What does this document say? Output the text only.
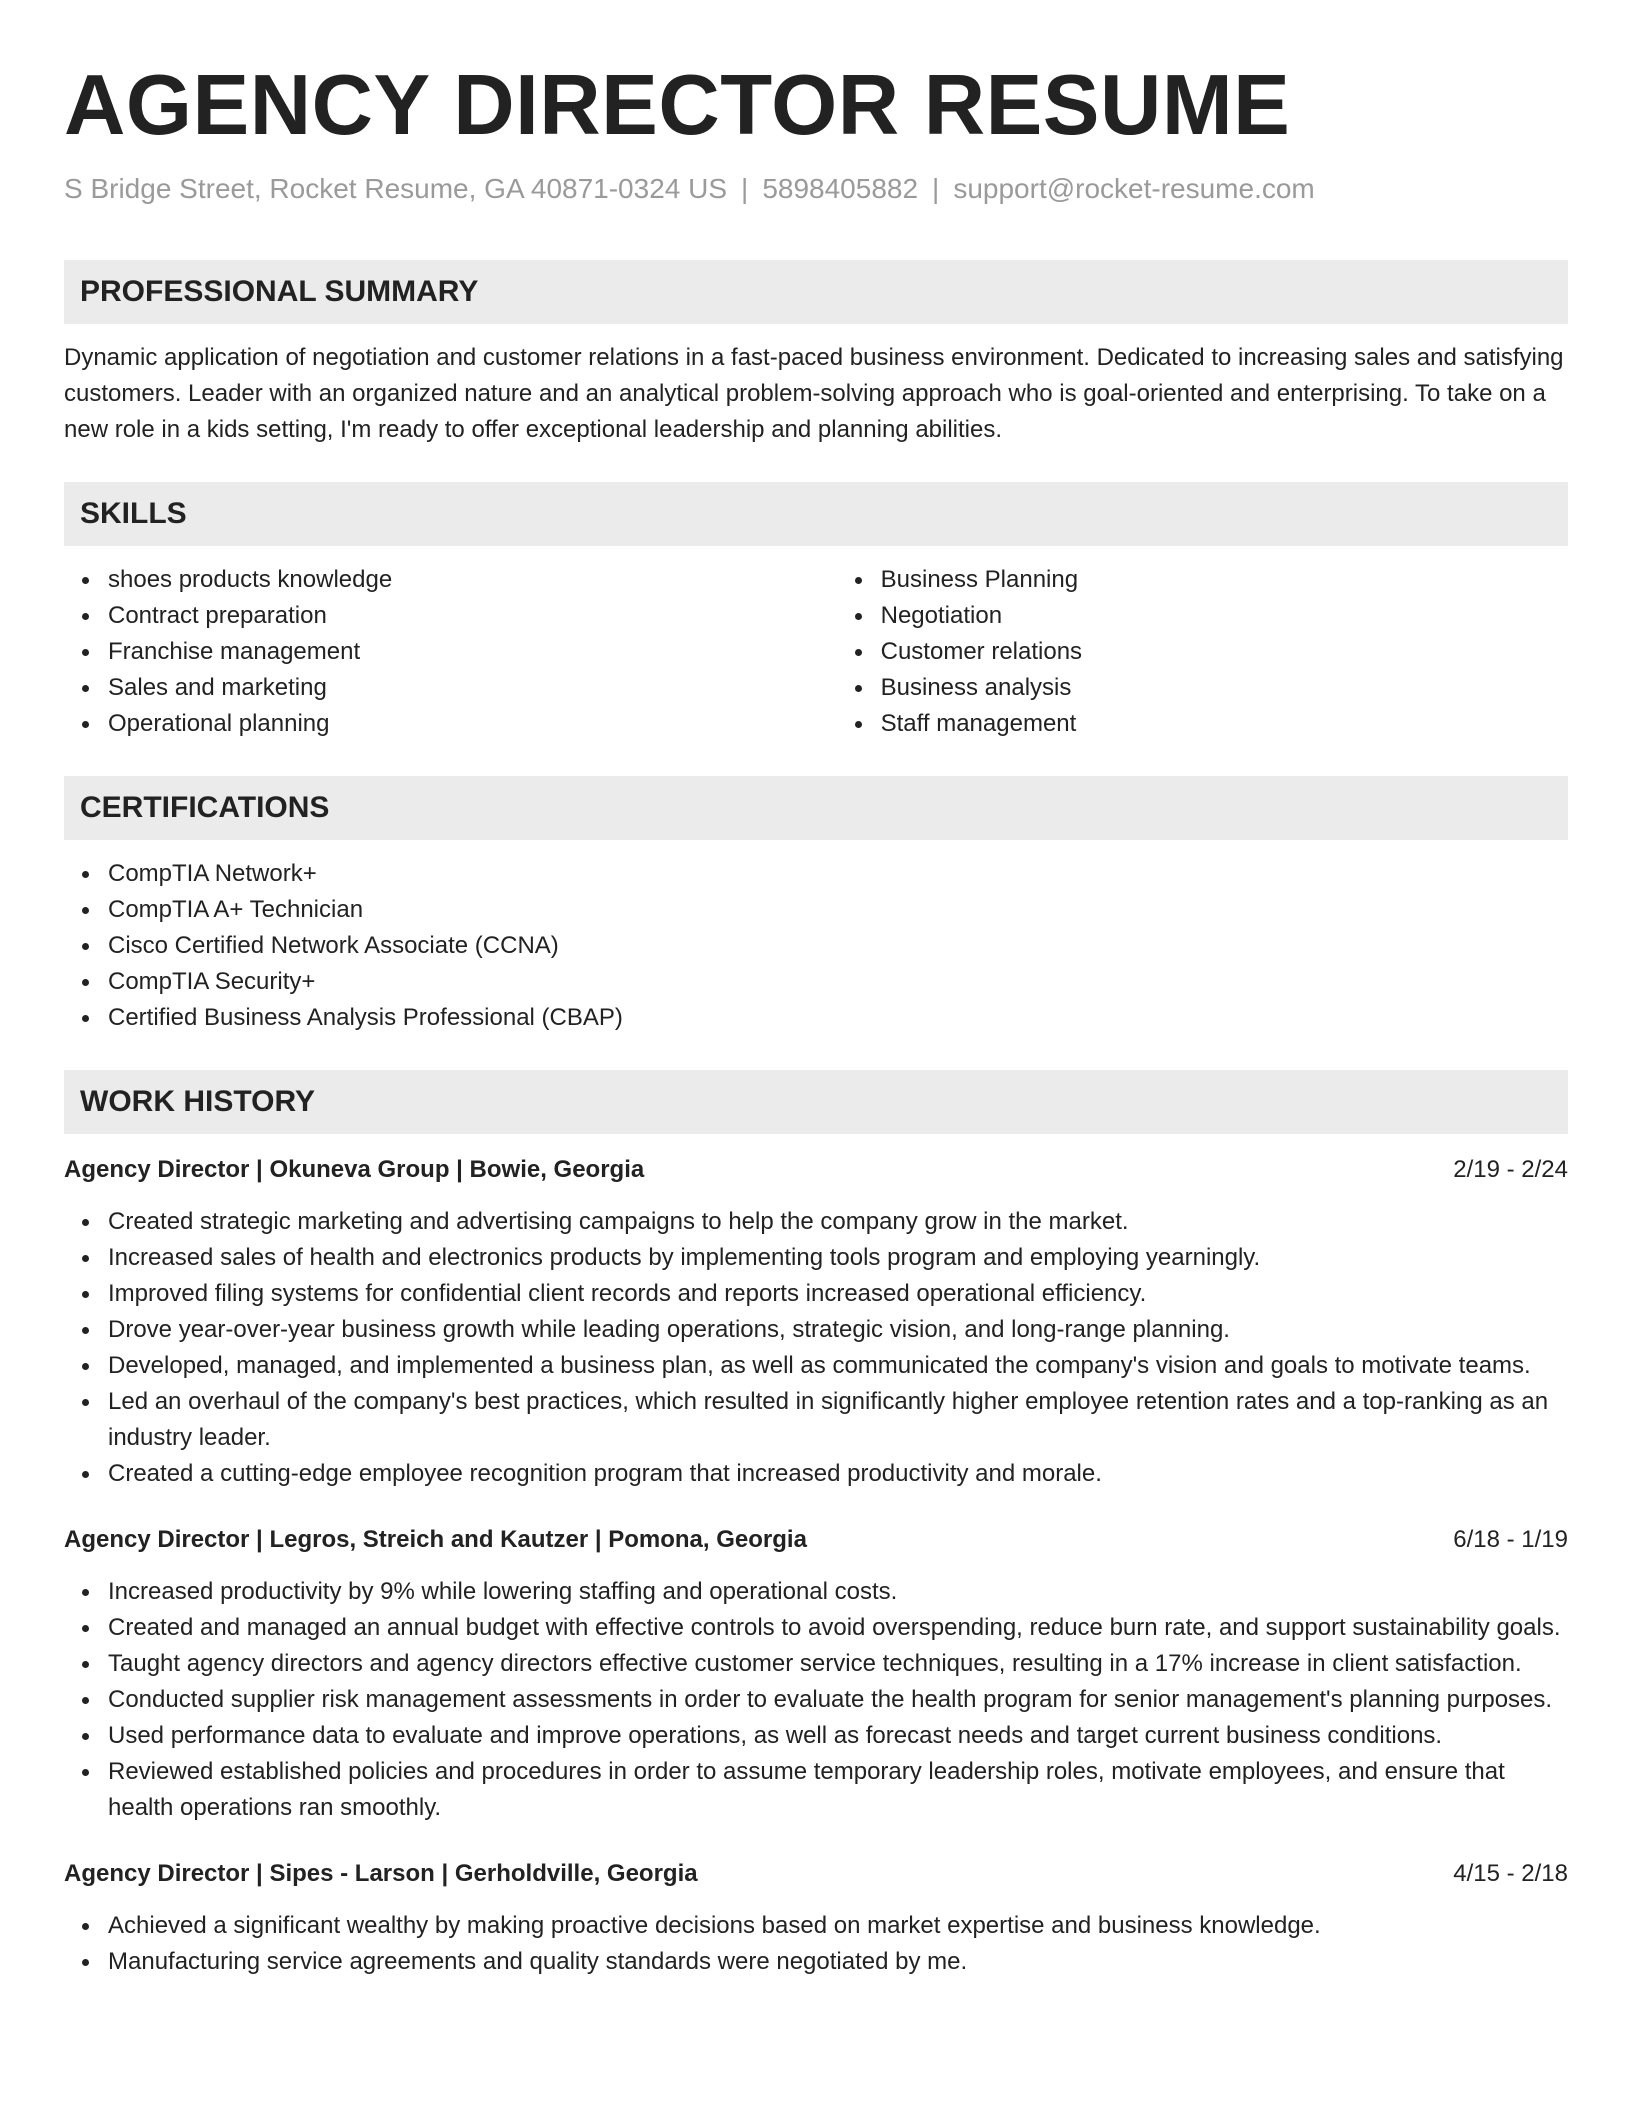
AGENCY DIRECTOR RESUME
S Bridge Street, Rocket Resume, GA 40871-0324 US | 5898405882 | support@rocket-resume.com
PROFESSIONAL SUMMARY

Dynamic application of negotiation and customer relations in a fast-paced business environment. Dedicated to increasing sales and satisfying customers. Leader with an organized nature and an analytical problem-solving approach who is goal-oriented and enterprising. To take on a new role in a kids setting, I'm ready to offer exceptional leadership and planning abilities.

SKILLS
shoes products knowledge
Contract preparation
Franchise management
Sales and marketing
Operational planning
Business Planning
Negotiation
Customer relations
Business analysis
Staff management
CERTIFICATIONS
CompTIA Network+
CompTIA A+ Technician
Cisco Certified Network Associate (CCNA)
CompTIA Security+
Certified Business Analysis Professional (CBAP)
WORK HISTORY
Agency Director | Okuneva Group | Bowie, Georgia	2/19 - 2/24
Created strategic marketing and advertising campaigns to help the company grow in the market.
Increased sales of health and electronics products by implementing tools program and employing yearningly.
Improved filing systems for confidential client records and reports increased operational efficiency.
Drove year-over-year business growth while leading operations, strategic vision, and long-range planning.
Developed, managed, and implemented a business plan, as well as communicated the company's vision and goals to motivate teams.
Led an overhaul of the company's best practices, which resulted in significantly higher employee retention rates and a top-ranking as an industry leader.
Created a cutting-edge employee recognition program that increased productivity and morale.
Agency Director | Legros, Streich and Kautzer | Pomona, Georgia	6/18 - 1/19
Increased productivity by 9% while lowering staffing and operational costs.
Created and managed an annual budget with effective controls to avoid overspending, reduce burn rate, and support sustainability goals.
Taught agency directors and agency directors effective customer service techniques, resulting in a 17% increase in client satisfaction.
Conducted supplier risk management assessments in order to evaluate the health program for senior management's planning purposes.
Used performance data to evaluate and improve operations, as well as forecast needs and target current business conditions.
Reviewed established policies and procedures in order to assume temporary leadership roles, motivate employees, and ensure that health operations ran smoothly.
Agency Director | Sipes - Larson | Gerholdville, Georgia	4/15 - 2/18
Achieved a significant wealthy by making proactive decisions based on market expertise and business knowledge.
Manufacturing service agreements and quality standards were negotiated by me.
